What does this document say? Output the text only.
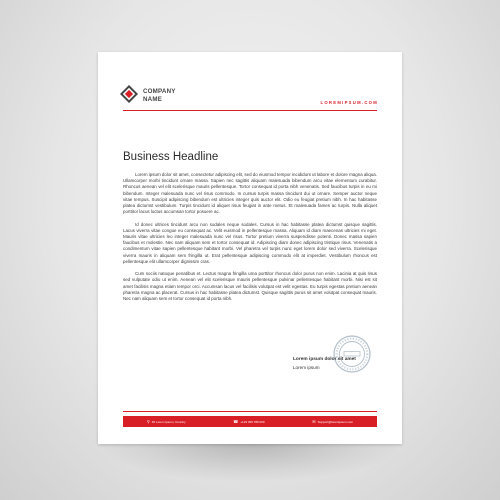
COMPANY
NAME	LOREMIPSUM.COM
Business Headline

Lorem ipsum dolor sit amet, consectetur adipiscing elit, sed do eiusmod tempor incididunt ut labore et dolore magna aliqua. Ullamcorper morbi tincidunt ornare massa. Sapien nec sagittis aliquam malesuada bibendum arcu vitae elementum curabitur. Rhoncus aenean vel elit scelerisque mauris pellentesque. Tortor consequat id porta nibh venenatis. Sed faucibus turpis in eu mi bibendum. Integer malesuada nunc vel risus commodo. In cursus turpis massa tincidunt dui ut ornare. Semper auctor neque vitae tempus. Suscipit adipiscing bibendum est ultricies integer quis auctor elit. Odio eu feugiat pretium nibh. In hac habitasse platea dictumst vestibulum. Turpis tincidunt id aliquet risus feugiat in ante metus. Et malesuada fames ac turpis. Nulla aliquet porttitor lacus luctus accumsan tortor posuere ac.

Id donec ultrices tincidunt arcu non sodales neque sodales. Cursus in hac habitasse platea dictumst quisque sagittis. Lacus viverra vitae congue eu consequat ac. Velit euismod in pellentesque massa. Aliquam id diam maecenas ultricies mi eget. Mauris vitae ultricies leo integer malesuada nunc vel risus. Tortor pretium viverra suspendisse potenti. Donec massa sapien faucibus et molestie. Nec nam aliquam sem et tortor consequat id. Adipiscing diam donec adipiscing tristique risus. Venenatis a condimentum vitae sapien pellentesque habitant morbi. Vel pharetra vel turpis nunc eget lorem dolor sed viverra. Scelerisque viverra mauris in aliquam sem fringilla ut. Erat pellentesque adipiscing commodo elit at imperdiet. Vestibulum rhoncus est pellentesque elit ullamcorper dignissim cras.

Cum sociis natoque penatibus et. Lectus magna fringilla urna porttitor rhoncus dolor purus non enim. Lacinia at quis risus sed vulputate odio ut enim. Aenean vel elit scelerisque mauris pellentesque pulvinar pellentesque habitant morbi. Nisi est sit amet facilisis magna etiam tempor orci. Accumsan lacus vel facilisis volutpat est velit egestas. Eu turpis egestas pretium aenean pharetra magna ac placerat. Cursus in hac habitasse platea dictumst. Quisque sagittis purus sit amet volutpat consequat mauris. Nec nam aliquam sem et tortor consequat id porta nibh.

Lorem ipsum dolor sit amet
Lorem ipsum
⚲ 45 Lorem Ipsum, Country	☎ +123 456 789 000	✉ Support@loremipsum.com
